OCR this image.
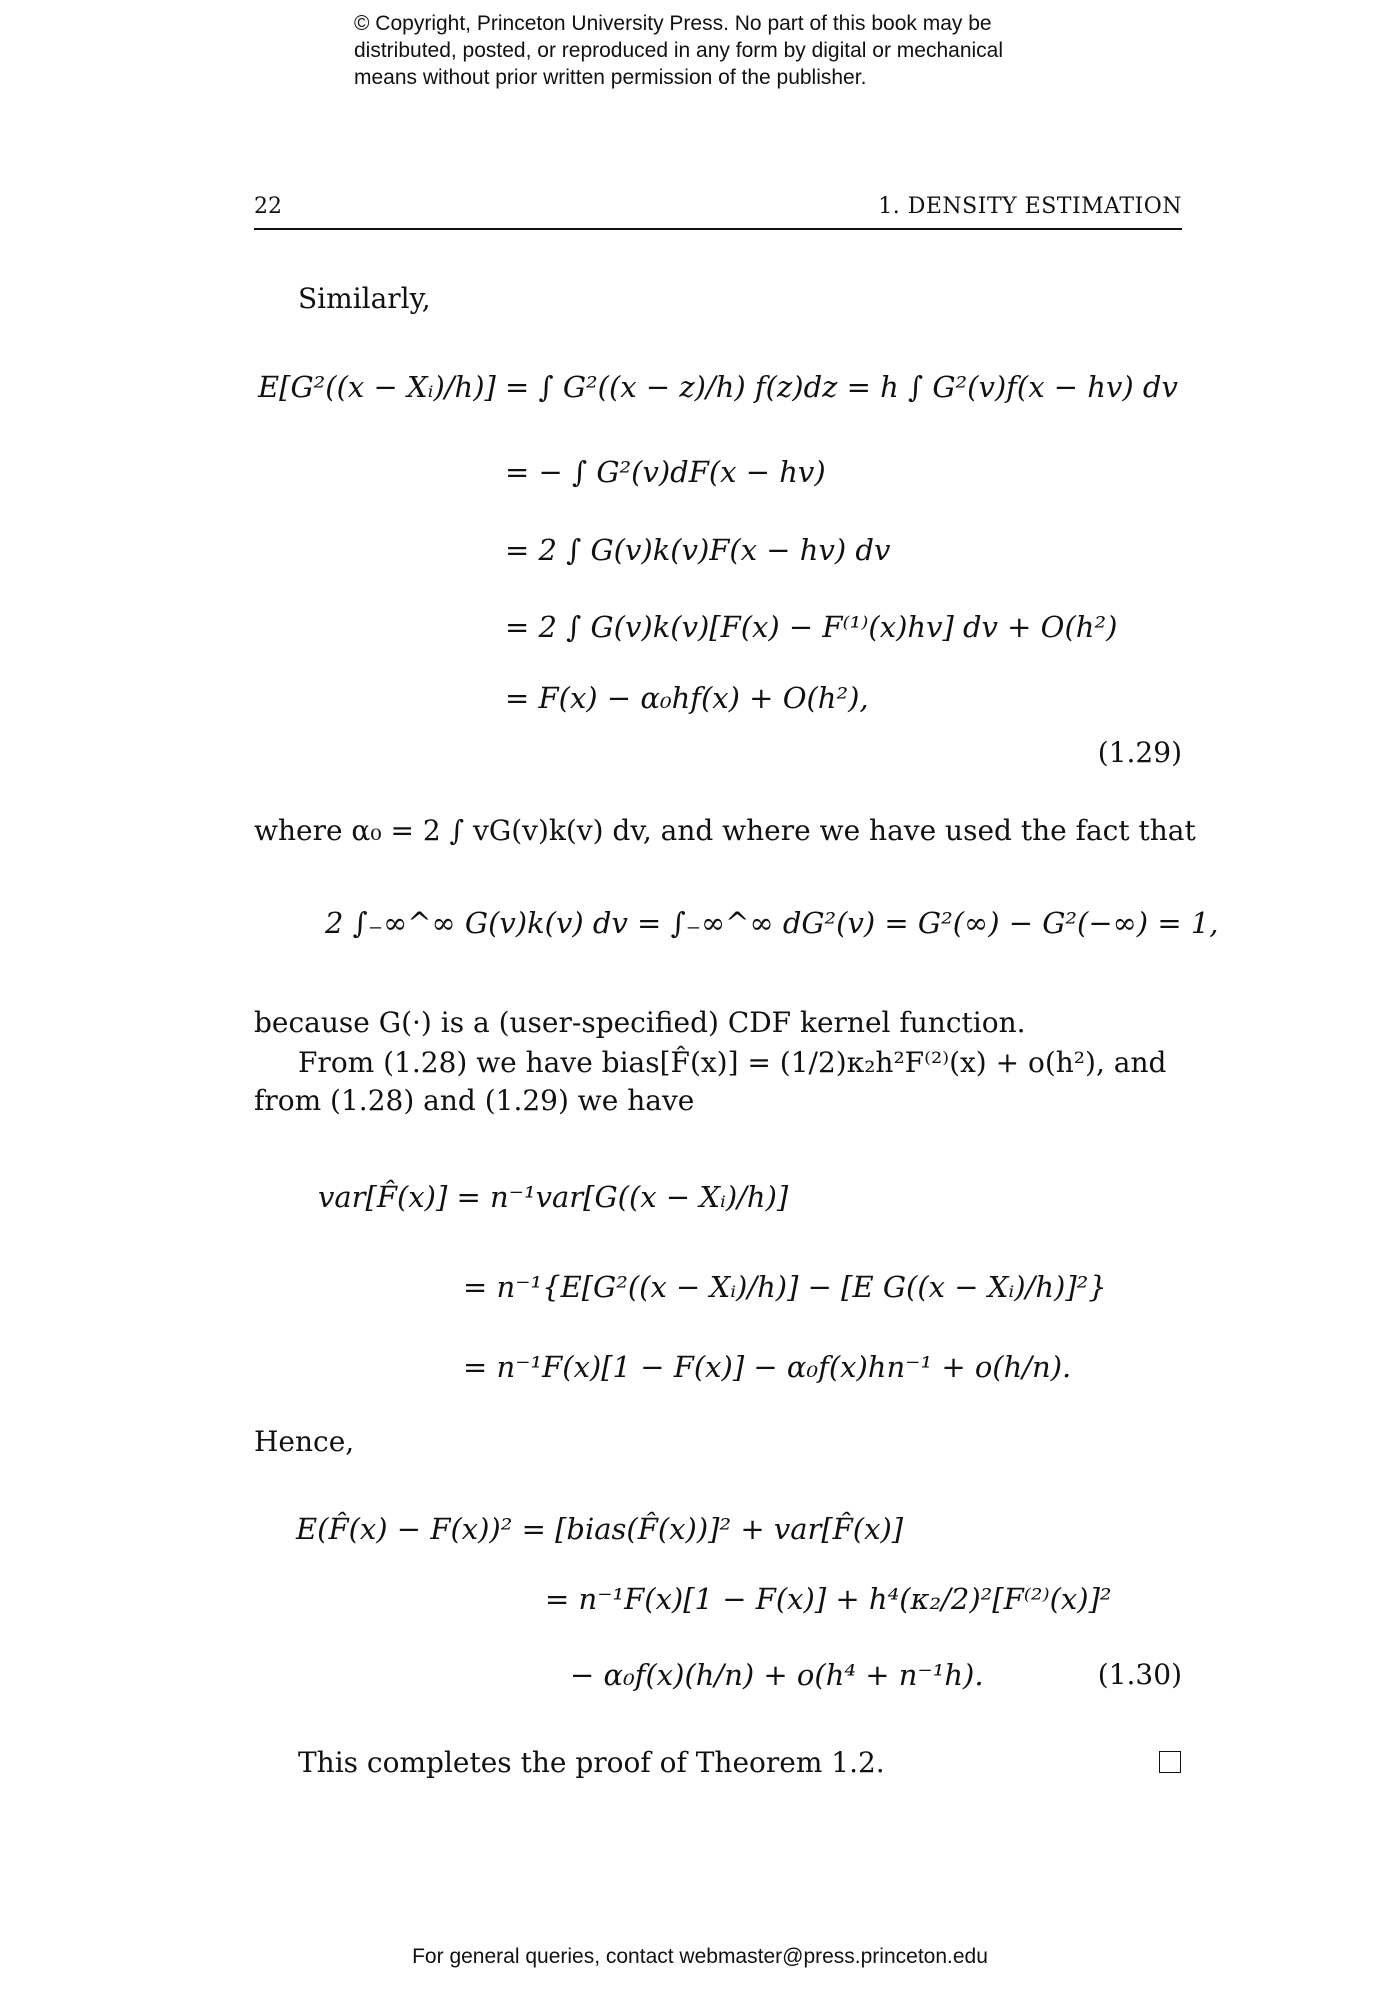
© Copyright, Princeton University Press. No part of this book may be
distributed, posted, or reproduced in any form by digital or mechanical
means without prior written permission of the publisher.
22	1. DENSITY ESTIMATION
Similarly,
E[G²((x − Xᵢ)/h)] = ∫ G²((x − z)/h) f(z)dz = h ∫ G²(v)f(x − hv) dv
= − ∫ G²(v)dF(x − hv)
= 2 ∫ G(v)k(v)F(x − hv) dv
= 2 ∫ G(v)k(v)[F(x) − F⁽¹⁾(x)hv] dv + O(h²)
= F(x) − α₀hf(x) + O(h²),
(1.29)
where α₀ = 2 ∫ vG(v)k(v) dv, and where we have used the fact that
2 ∫₋∞^∞ G(v)k(v) dv = ∫₋∞^∞ dG²(v) = G²(∞) − G²(−∞) = 1,
because G(·) is a (user-specified) CDF kernel function.
From (1.28) we have bias[F̂(x)] = (1/2)κ₂h²F⁽²⁾(x) + o(h²), and
from (1.28) and (1.29) we have
var[F̂(x)] = n⁻¹var[G((x − Xᵢ)/h)]
= n⁻¹{E[G²((x − Xᵢ)/h)] − [E G((x − Xᵢ)/h)]²}
= n⁻¹F(x)[1 − F(x)] − α₀f(x)hn⁻¹ + o(h/n).
Hence,
E(F̂(x) − F(x))² = [bias(F̂(x))]² + var[F̂(x)]
= n⁻¹F(x)[1 − F(x)] + h⁴(κ₂/2)²[F⁽²⁾(x)]²
− α₀f(x)(h/n) + o(h⁴ + n⁻¹h).	(1.30)
This completes the proof of Theorem 1.2.
For general queries, contact webmaster@press.princeton.edu
